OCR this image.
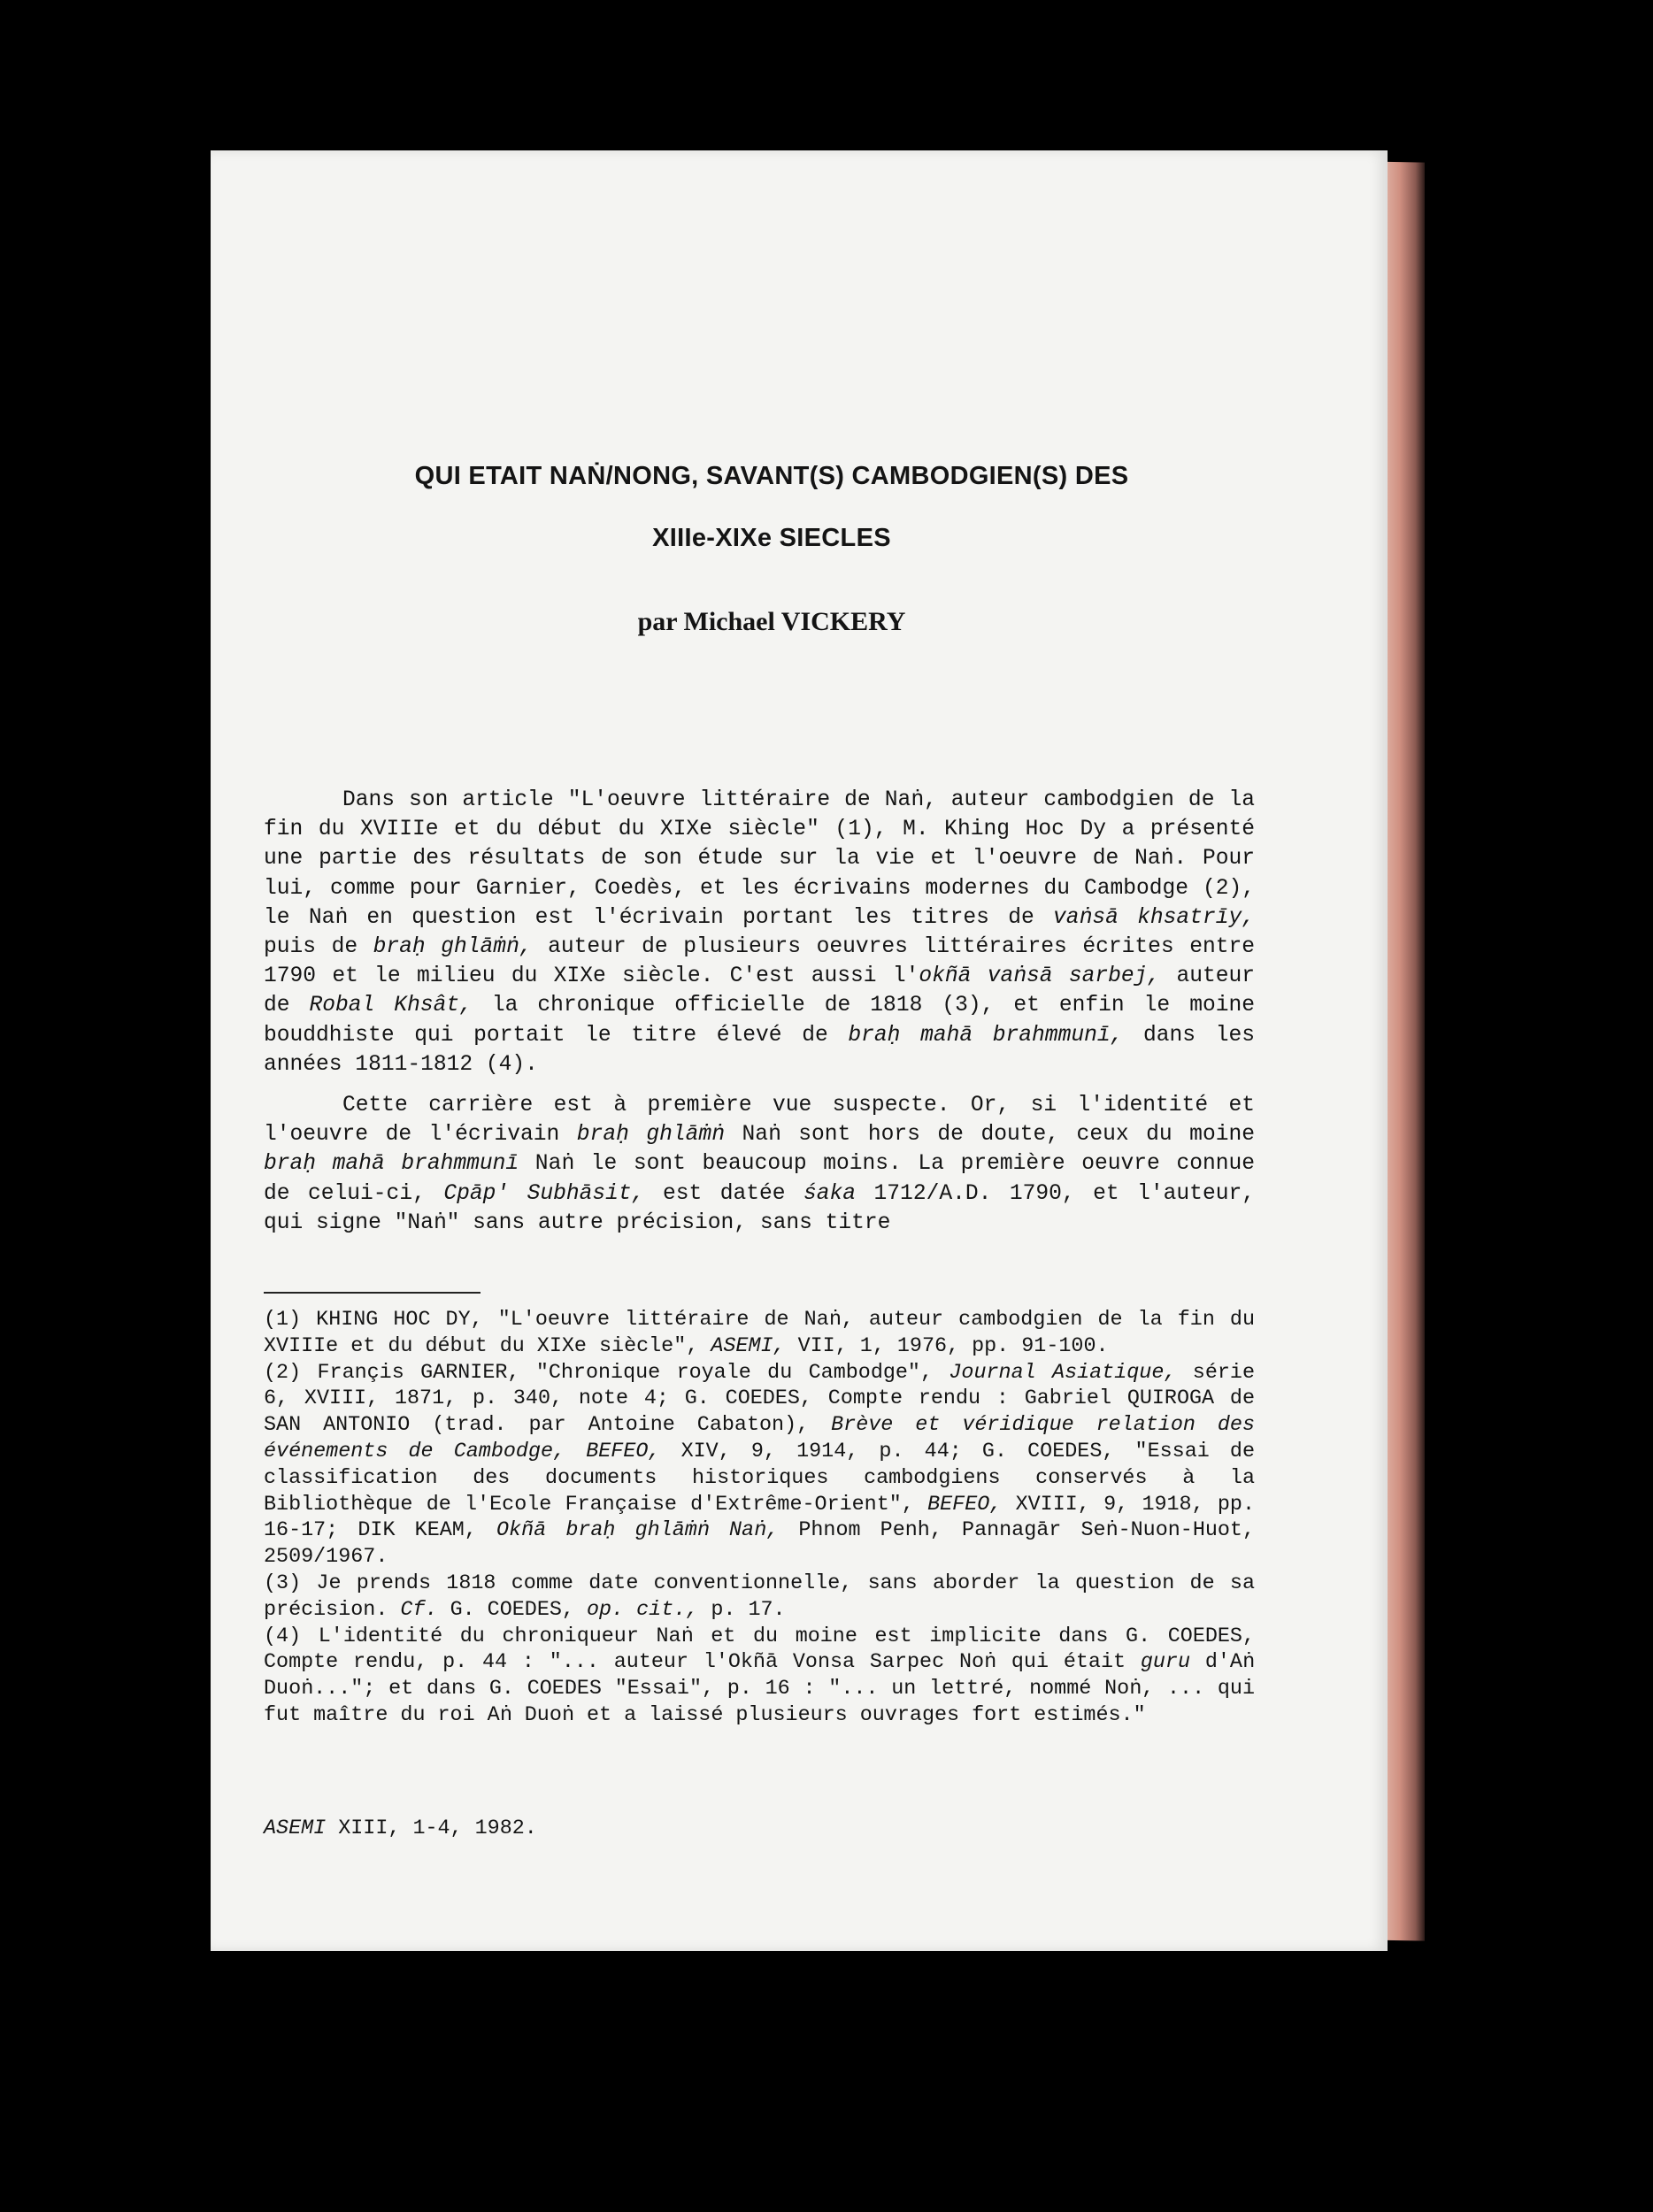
QUI ETAIT NAṄ/NONG, SAVANT(S) CAMBODGIEN(S) DES
XIIIe-XIXe SIECLES
par Michael VICKERY

Dans son article "L'oeuvre littéraire de Naṅ, auteur cambodgien de la fin du XVIIIe et du début du XIXe siècle" (1), M. Khing Hoc Dy a présenté une partie des résultats de son étude sur la vie et l'oeuvre de Naṅ. Pour lui, comme pour Garnier, Coedès, et les écrivains modernes du Cambodge (2), le Naṅ en question est l'écrivain portant les titres de vaṅsā khsatrīy, puis de braḥ ghlāṁṅ, auteur de plusieurs oeuvres littéraires écrites entre 1790 et le milieu du XIXe siècle. C'est aussi l'okñā vaṅsā sarbej, auteur de Robal Khsât, la chronique officielle de 1818 (3), et enfin le moine bouddhiste qui portait le titre élevé de braḥ mahā brahmmunī, dans les années 1811-1812 (4).

Cette carrière est à première vue suspecte. Or, si l'identité et l'oeuvre de l'écrivain braḥ ghlāṁṅ Naṅ sont hors de doute, ceux du moine braḥ mahā brahmmunī Naṅ le sont beaucoup moins. La première oeuvre connue de celui-ci, Cpāp' Subhāsit, est datée śaka 1712/A.D. 1790, et l'auteur, qui signe "Naṅ" sans autre précision, sans titre

(1) KHING HOC DY, "L'oeuvre littéraire de Naṅ, auteur cambodgien de la fin du XVIIIe et du début du XIXe siècle", ASEMI, VII, 1, 1976, pp. 91-100.

(2) Françis GARNIER, "Chronique royale du Cambodge", Journal Asiatique, série 6, XVIII, 1871, p. 340, note 4; G. COEDES, Compte rendu : Gabriel QUIROGA de SAN ANTONIO (trad. par Antoine Cabaton), Brève et véridique relation des événements de Cambodge, BEFEO, XIV, 9, 1914, p. 44; G. COEDES, "Essai de classification des documents historiques cambodgiens conservés à la Bibliothèque de l'Ecole Française d'Extrême-Orient", BEFEO, XVIII, 9, 1918, pp. 16-17; DIK KEAM, Okñā braḥ ghlāṁṅ Naṅ, Phnom Penh, Pannagār Seṅ-Nuon-Huot, 2509/1967.

(3) Je prends 1818 comme date conventionnelle, sans aborder la question de sa précision. Cf. G. COEDES, op. cit., p. 17.

(4) L'identité du chroniqueur Naṅ et du moine est implicite dans G. COEDES, Compte rendu, p. 44 : "... auteur l'Okñā Vonsa Sarpec Noṅ qui était guru d'Aṅ Duoṅ..."; et dans G. COEDES "Essai", p. 16 : "... un lettré, nommé Noṅ, ... qui fut maître du roi Aṅ Duoṅ et a laissé plusieurs ouvrages fort estimés."

ASEMI XIII, 1-4, 1982.
